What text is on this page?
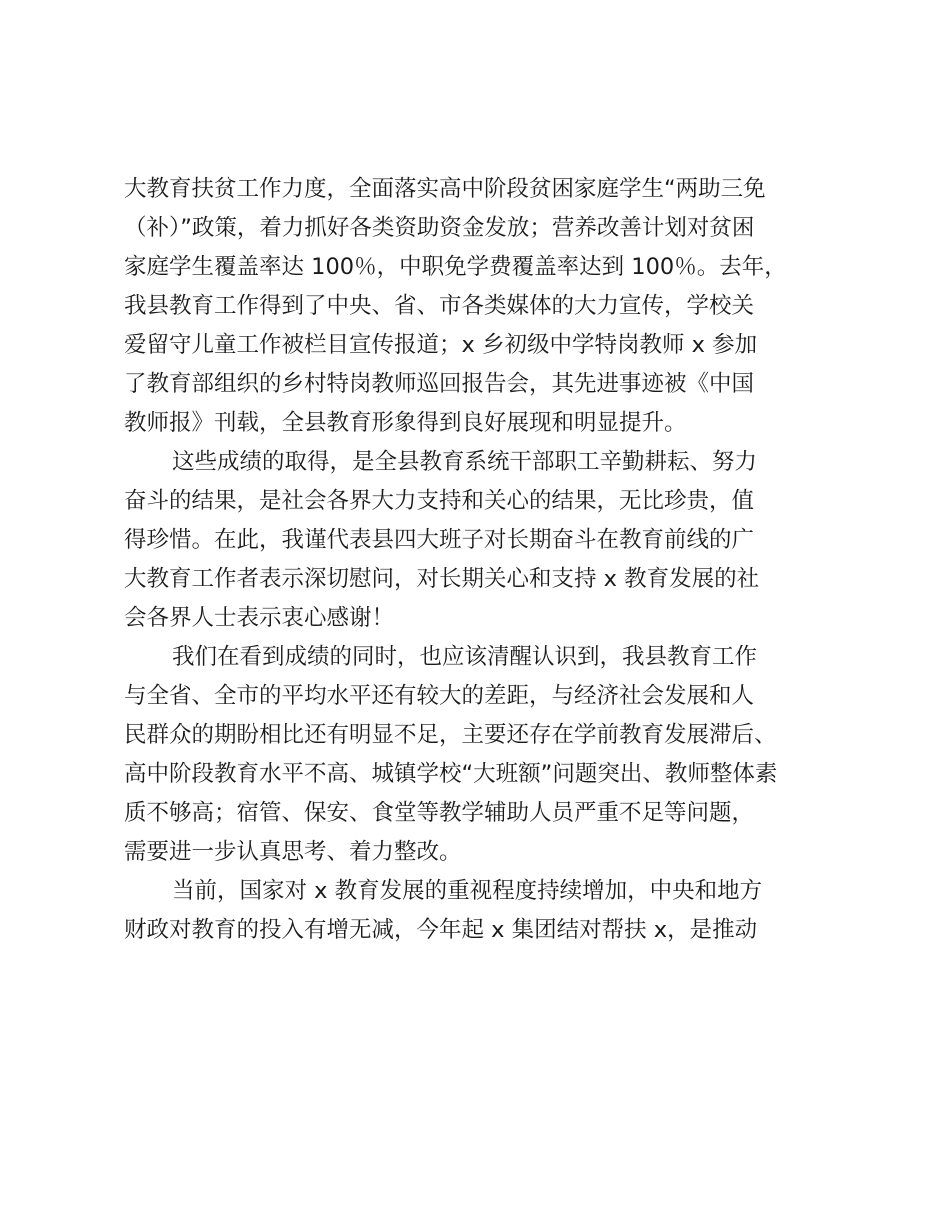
大教育扶贫工作力度，全面落实高中阶段贫困家庭学生“两助三免
（补）”政策，着力抓好各类资助资金发放；营养改善计划对贫困
家庭学生覆盖率达 100％，中职免学费覆盖率达到 100％。去年，
我县教育工作得到了中央、省、市各类媒体的大力宣传，学校关
爱留守儿童工作被栏目宣传报道；x 乡初级中学特岗教师 x 参加
了教育部组织的乡村特岗教师巡回报告会，其先进事迹被《中国
教师报》刊载，全县教育形象得到良好展现和明显提升。
这些成绩的取得，是全县教育系统干部职工辛勤耕耘、努力
奋斗的结果，是社会各界大力支持和关心的结果，无比珍贵，值
得珍惜。在此，我谨代表县四大班子对长期奋斗在教育前线的广
大教育工作者表示深切慰问，对长期关心和支持 x 教育发展的社
会各界人士表示衷心感谢！
我们在看到成绩的同时，也应该清醒认识到，我县教育工作
与全省、全市的平均水平还有较大的差距，与经济社会发展和人
民群众的期盼相比还有明显不足，主要还存在学前教育发展滞后、
高中阶段教育水平不高、城镇学校“大班额”问题突出、教师整体素
质不够高；宿管、保安、食堂等教学辅助人员严重不足等问题，
需要进一步认真思考、着力整改。
当前，国家对 x 教育发展的重视程度持续增加，中央和地方
财政对教育的投入有增无减，今年起 x 集团结对帮扶 x，是推动
